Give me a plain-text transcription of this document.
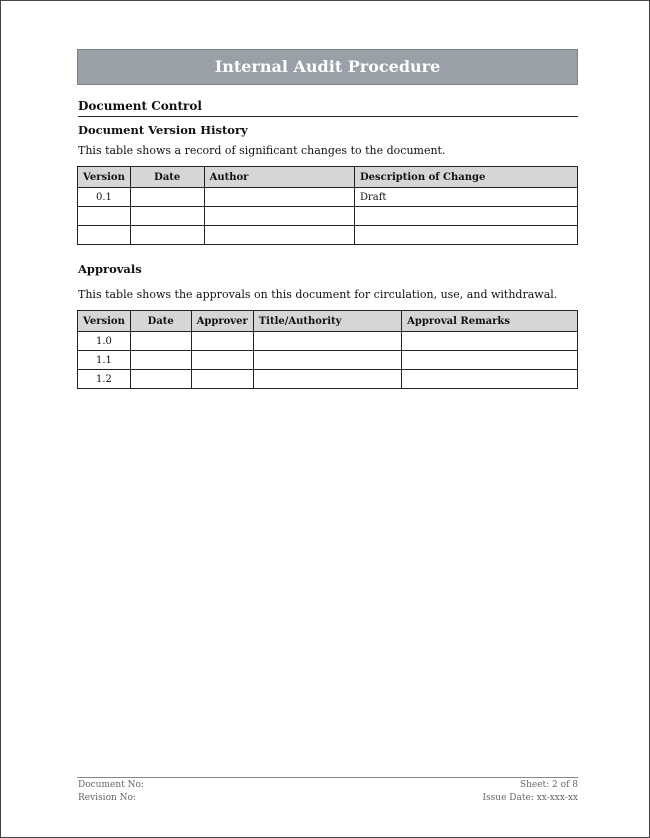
Internal Audit Procedure
Document Control
Document Version History
This table shows a record of significant changes to the document.
Version	Date	Author	Description of Change
0.1			Draft

Approvals
This table shows the approvals on this document for circulation, use, and withdrawal.
Version	Date	Approver	Title/Authority	Approval Remarks
1.0				
1.1				
1.2				
Document No:
Revision No:
Sheet: 2 of 8
Issue Date: xx-xxx-xx
